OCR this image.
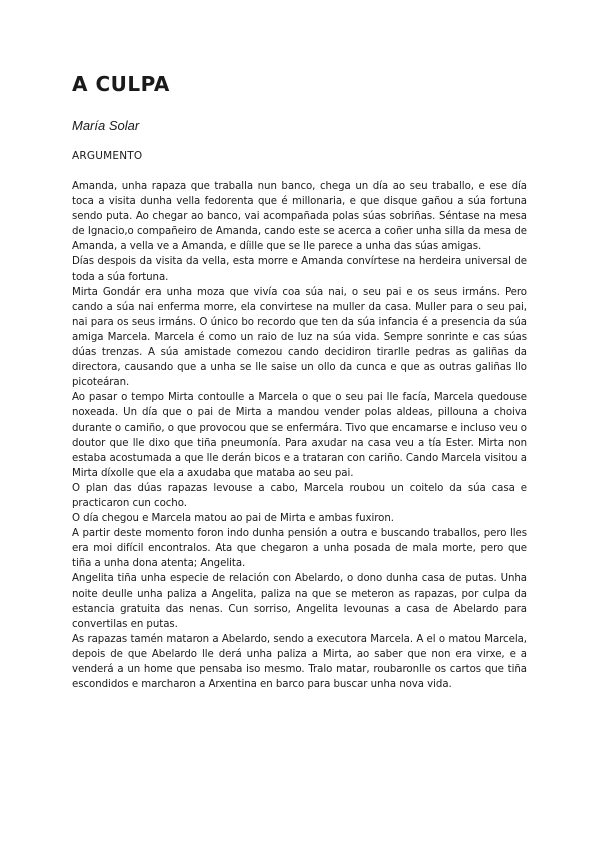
A CULPA

María Solar

ARGUMENTO

Amanda, unha rapaza que traballa nun banco, chega un día ao seu traballo, e ese día toca a visita dunha vella fedorenta que é millonaria, e que disque gañou a súa fortuna sendo puta. Ao chegar ao banco, vai acompañada polas súas sobriñas. Séntase na mesa de Ignacio,o compañeiro de Amanda, cando este se acerca a coñer unha silla da mesa de Amanda, a vella ve a Amanda, e díille que se lle parece a unha das súas amigas.

Días despois da visita da vella, esta morre e Amanda convírtese na herdeira universal de toda a súa fortuna.

Mirta Gondár era unha moza que vivía coa súa nai, o seu pai e os seus irmáns. Pero cando a súa nai enferma morre, ela convirtese na muller da casa. Muller para o seu pai, nai para os seus irmáns. O único bo recordo que ten da súa infancia é a presencia da súa amiga Marcela. Marcela é como un raio de luz na súa vida. Sempre sonrinte e cas súas dúas trenzas. A súa amistade comezou cando decidiron tirarlle pedras as galiñas da directora, causando que a unha se lle saise un ollo da cunca e que as outras galiñas llo picoteáran.

Ao pasar o tempo Mirta contoulle a Marcela o que o seu pai lle facía, Marcela quedouse noxeada. Un día que o pai de Mirta a mandou vender polas aldeas, pillouna a choiva durante o camiño, o que provocou que se enfermára. Tivo que encamarse e incluso veu o doutor que lle dixo que tiña pneumonía. Para axudar na casa veu a tía Ester. Mirta non estaba acostumada a que lle derán bicos e a trataran con cariño. Cando Marcela visitou a Mirta díxolle que ela a axudaba que mataba ao seu pai.

O plan das dúas rapazas levouse a cabo, Marcela roubou un coitelo da súa casa e practicaron cun cocho.

O día chegou e Marcela matou ao pai de Mirta e ambas fuxiron.

A partir deste momento foron indo dunha pensión a outra e buscando traballos, pero lles era moi difícil encontralos. Ata que chegaron a unha posada de mala morte, pero que tiña a unha dona atenta; Angelita.

Angelita tiña unha especie de relación con Abelardo, o dono dunha casa de putas. Unha noite deulle unha paliza a Angelita, paliza na que se meteron as rapazas, por culpa da estancia gratuita das nenas. Cun sorriso, Angelita levounas a casa de Abelardo para convertilas en putas.

As rapazas tamén mataron a Abelardo, sendo a executora Marcela. A el o matou Marcela, depois de que Abelardo lle derá unha paliza a Mirta, ao saber que non era virxe, e a venderá a un home que pensaba iso mesmo. Tralo matar, roubaronlle os cartos que tiña escondidos e marcharon a Arxentina en barco para buscar unha nova vida.
